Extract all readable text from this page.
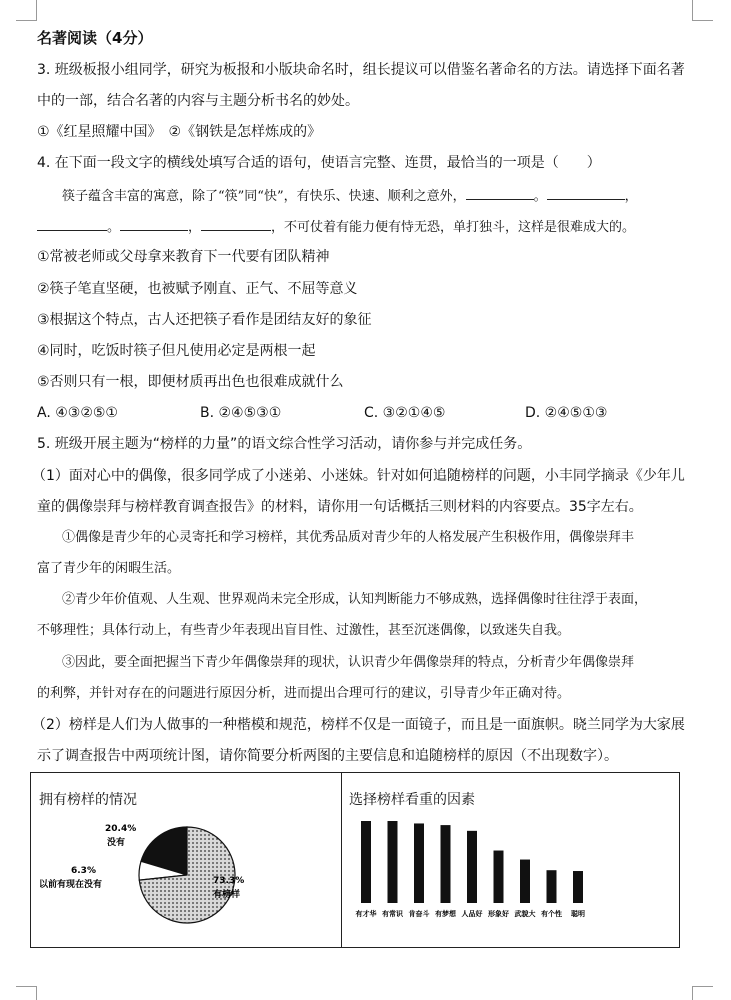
名著阅读（4分）
3. 班级板报小组同学，研究为板报和小版块命名时，组长提议可以借鉴名著命名的方法。请选择下面名著
中的一部，结合名著的内容与主题分析书名的妙处。
①《红星照耀中国》　②《钢铁是怎样炼成的》
4. 在下面一段文字的横线处填写合适的语句，使语言完整、连贯，最恰当的一项是（　　）
筷子蕴含丰富的寓意，除了“筷”同“快”，有快乐、快速、顺利之意外，	。	，
。	，	，不可仗着有能力便有恃无恐，单打独斗，这样是很难成大的。
①常被老师或父母拿来教育下一代要有团队精神
②筷子笔直坚硬，也被赋予刚直、正气、不屈等意义
③根据这个特点，古人还把筷子看作是团结友好的象征
④同时，吃饭时筷子但凡使用必定是两根一起
⑤否则只有一根，即便材质再出色也很难成就什么
A. ④③②⑤①	B. ②④⑤③①	C. ③②①④⑤	D. ②④⑤①③
5. 班级开展主题为“榜样的力量”的语文综合性学习活动，请你参与并完成任务。
（1）面对心中的偶像，很多同学成了小迷弟、小迷妹。针对如何追随榜样的问题，小丰同学摘录《少年儿
童的偶像崇拜与榜样教育调查报告》的材料，请你用一句话概括三则材料的内容要点。35字左右。
①偶像是青少年的心灵寄托和学习榜样，其优秀品质对青少年的人格发展产生积极作用，偶像崇拜丰
富了青少年的闲暇生活。
②青少年价值观、人生观、世界观尚未完全形成，认知判断能力不够成熟，选择偶像时往往浮于表面，
不够理性；具体行动上，有些青少年表现出盲目性、过激性，甚至沉迷偶像，以致迷失自我。
③因此，要全面把握当下青少年偶像崇拜的现状，认识青少年偶像崇拜的特点，分析青少年偶像崇拜
的利弊，并针对存在的问题进行原因分析，进而提出合理可行的建议，引导青少年正确对待。
（2）榜样是人们为人做事的一种楷模和规范，榜样不仅是一面镜子，而且是一面旗帜。晓兰同学为大家展
示了调查报告中两项统计图，请你简要分析两图的主要信息和追随榜样的原因（不出现数字）。
拥有榜样的情况	选择榜样看重的因素
20.4%
没有
6.3%
以前有现在没有	73.3%
有榜样
有才华 有常识 肯奋斗 有梦想 人品好 形象好 武貌大 有个性 聪明
